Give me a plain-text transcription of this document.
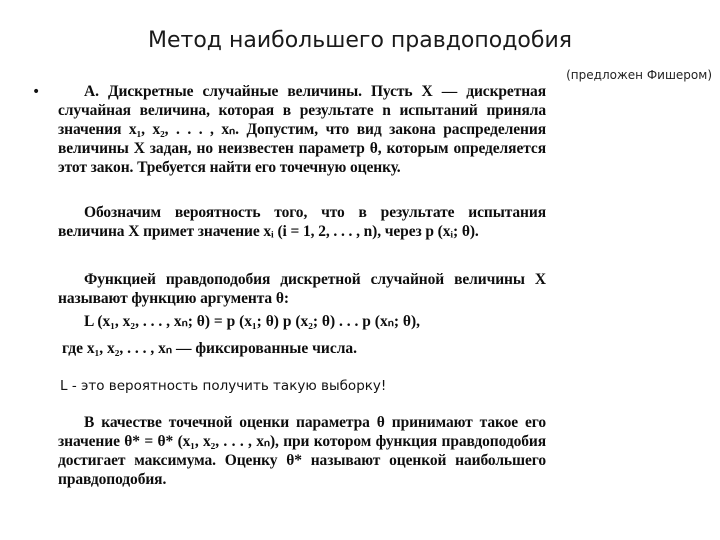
Метод наибольшего правдоподобия
(предложен Фишером)
•	А. Дискретные случайные величины. Пусть X — дискретная случайная величина, которая в результате n испытаний приняла значения x₁, x₂, . . . , xₙ. Допустим, что вид закона распределения величины X задан, но неизвестен параметр θ, которым определяется этот закон. Требуется найти его точечную оценку.

Обозначим вероятность того, что в результате испытания величина X примет значение xᵢ (i = 1, 2, . . . , n), через p (xᵢ; θ).

Функцией правдоподобия дискретной случайной величины X называют функцию аргумента θ:

L (x₁, x₂, . . . , xₙ; θ) = p (x₁; θ) p (x₂; θ) . . . p (xₙ; θ),
где x₁, x₂, . . . , xₙ — фиксированные числа.
L - это вероятность получить такую выборку!

В качестве точечной оценки параметра θ принимают такое его значение θ* = θ* (x₁, x₂, . . . , xₙ), при котором функция правдоподобия достигает максимума. Оценку θ* называют оценкой наибольшего правдоподобия.
